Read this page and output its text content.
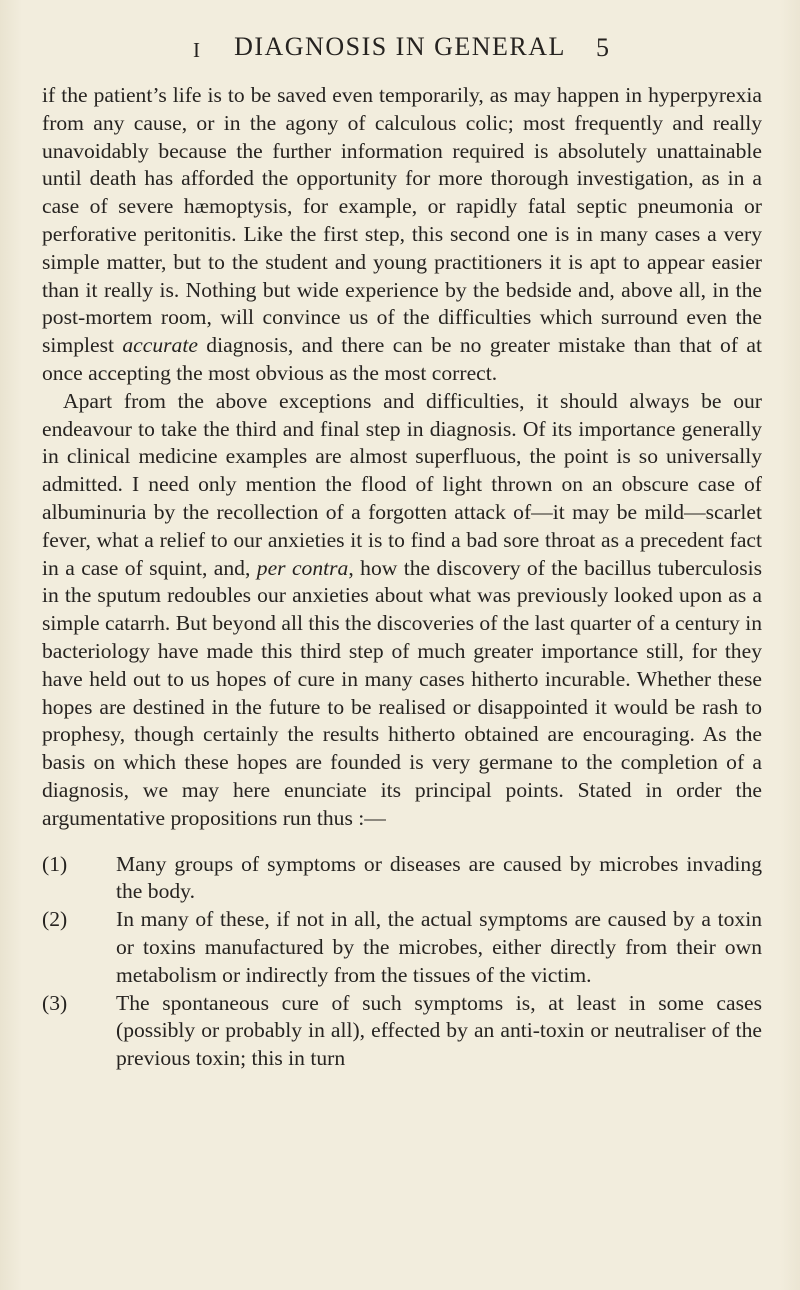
I	DIAGNOSIS IN GENERAL	5

if the patient’s life is to be saved even temporarily, as may happen in hyperpyrexia from any cause, or in the agony of calculous colic; most frequently and really unavoidably because the further information required is absolutely unattainable until death has afforded the opportunity for more thorough investigation, as in a case of severe hæmoptysis, for example, or rapidly fatal septic pneumonia or perforative peritonitis. Like the first step, this second one is in many cases a very simple matter, but to the student and young practitioners it is apt to appear easier than it really is. Nothing but wide experience by the bedside and, above all, in the post-mortem room, will convince us of the difficulties which surround even the simplest accurate diagnosis, and there can be no greater mistake than that of at once accepting the most obvious as the most correct.

Apart from the above exceptions and difficulties, it should always be our endeavour to take the third and final step in diagnosis. Of its importance generally in clinical medicine examples are almost superfluous, the point is so universally admitted. I need only mention the flood of light thrown on an obscure case of albuminuria by the recollection of a forgotten attack of—it may be mild—scarlet fever, what a relief to our anxieties it is to find a bad sore throat as a precedent fact in a case of squint, and, per contra, how the discovery of the bacillus tuberculosis in the sputum redoubles our anxieties about what was previously looked upon as a simple catarrh. But beyond all this the discoveries of the last quarter of a century in bacteriology have made this third step of much greater importance still, for they have held out to us hopes of cure in many cases hitherto incurable. Whether these hopes are destined in the future to be realised or disappointed it would be rash to prophesy, though certainly the results hitherto obtained are encouraging. As the basis on which these hopes are founded is very germane to the completion of a diagnosis, we may here enunciate its principal points. Stated in order the argumentative propositions run thus :—

(1)	Many groups of symptoms or diseases are caused by microbes invading the body.
(2)	In many of these, if not in all, the actual symptoms are caused by a toxin or toxins manufactured by the microbes, either directly from their own metabolism or indirectly from the tissues of the victim.
(3)	The spontaneous cure of such symptoms is, at least in some cases (possibly or probably in all), effected by an anti-toxin or neutraliser of the previous toxin; this in turn
